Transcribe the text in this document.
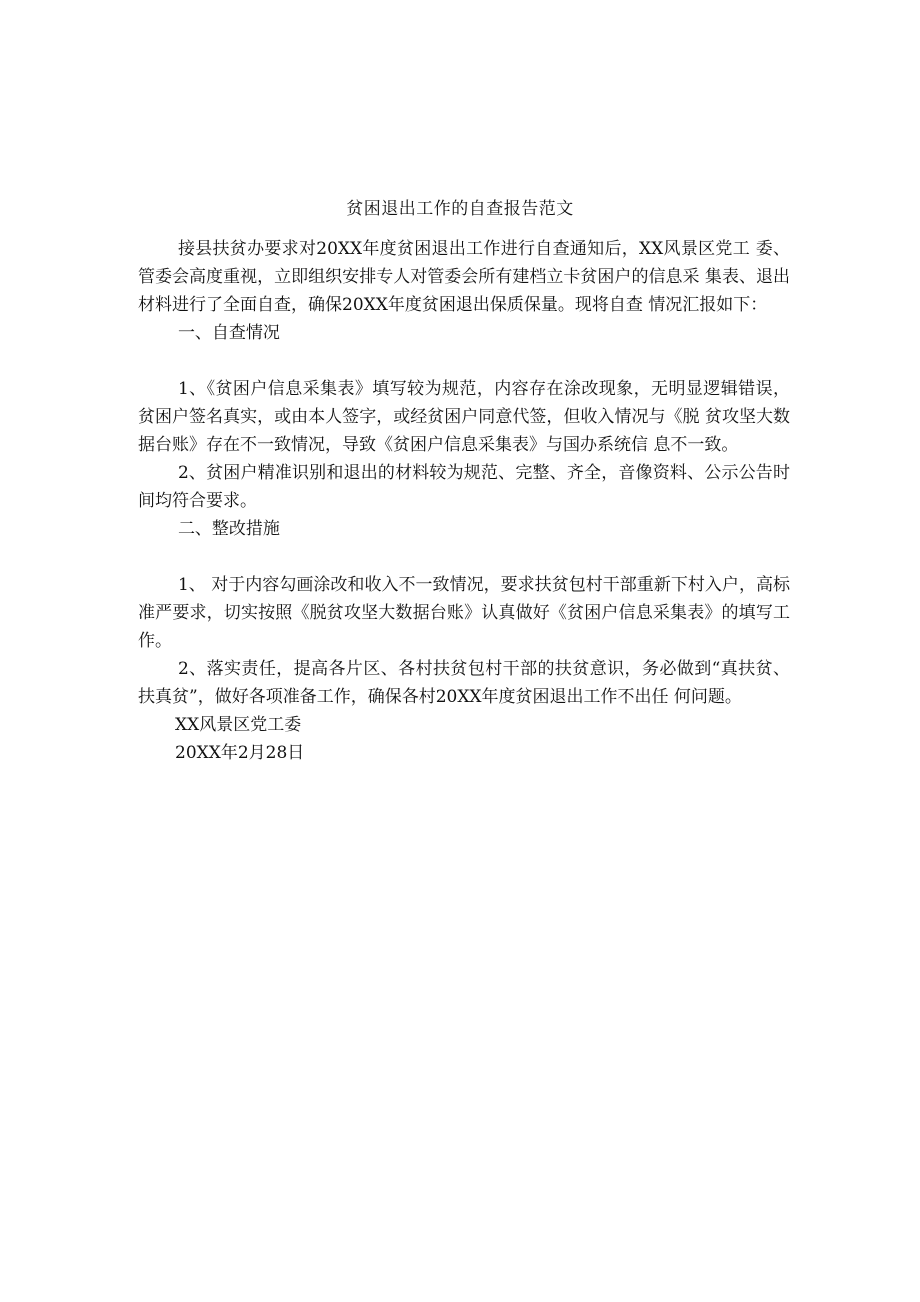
贫困退出工作的自查报告范文

接县扶贫办要求对20XX年度贫困退出工作进行自查通知后，XX风景区党工 委、管委会高度重视，立即组织安排专人对管委会所有建档立卡贫困户的信息采 集表、退出材料进行了全面自查，确保20XX年度贫困退出保质保量。现将自查 情况汇报如下：

一、自查情况

1、《贫困户信息采集表》填写较为规范，内容存在涂改现象，无明显逻辑错误，贫困户签名真实，或由本人签字，或经贫困户同意代签，但收入情况与《脱 贫攻坚大数据台账》存在不一致情况，导致《贫困户信息采集表》与国办系统信 息不一致。

2、贫困户精准识别和退出的材料较为规范、完整、齐全，音像资料、公示公告时间均符合要求。

二、整改措施

1、 对于内容勾画涂改和收入不一致情况，要求扶贫包村干部重新下村入户，高标准严要求，切实按照《脱贫攻坚大数据台账》认真做好《贫困户信息采集表》的填写工作。

2、落实责任，提高各片区、各村扶贫包村干部的扶贫意识，务必做到“真扶贫、扶真贫”，做好各项准备工作，确保各村20XX年度贫困退出工作不出任 何问题。

XX风景区党工委

20XX年2月28日
